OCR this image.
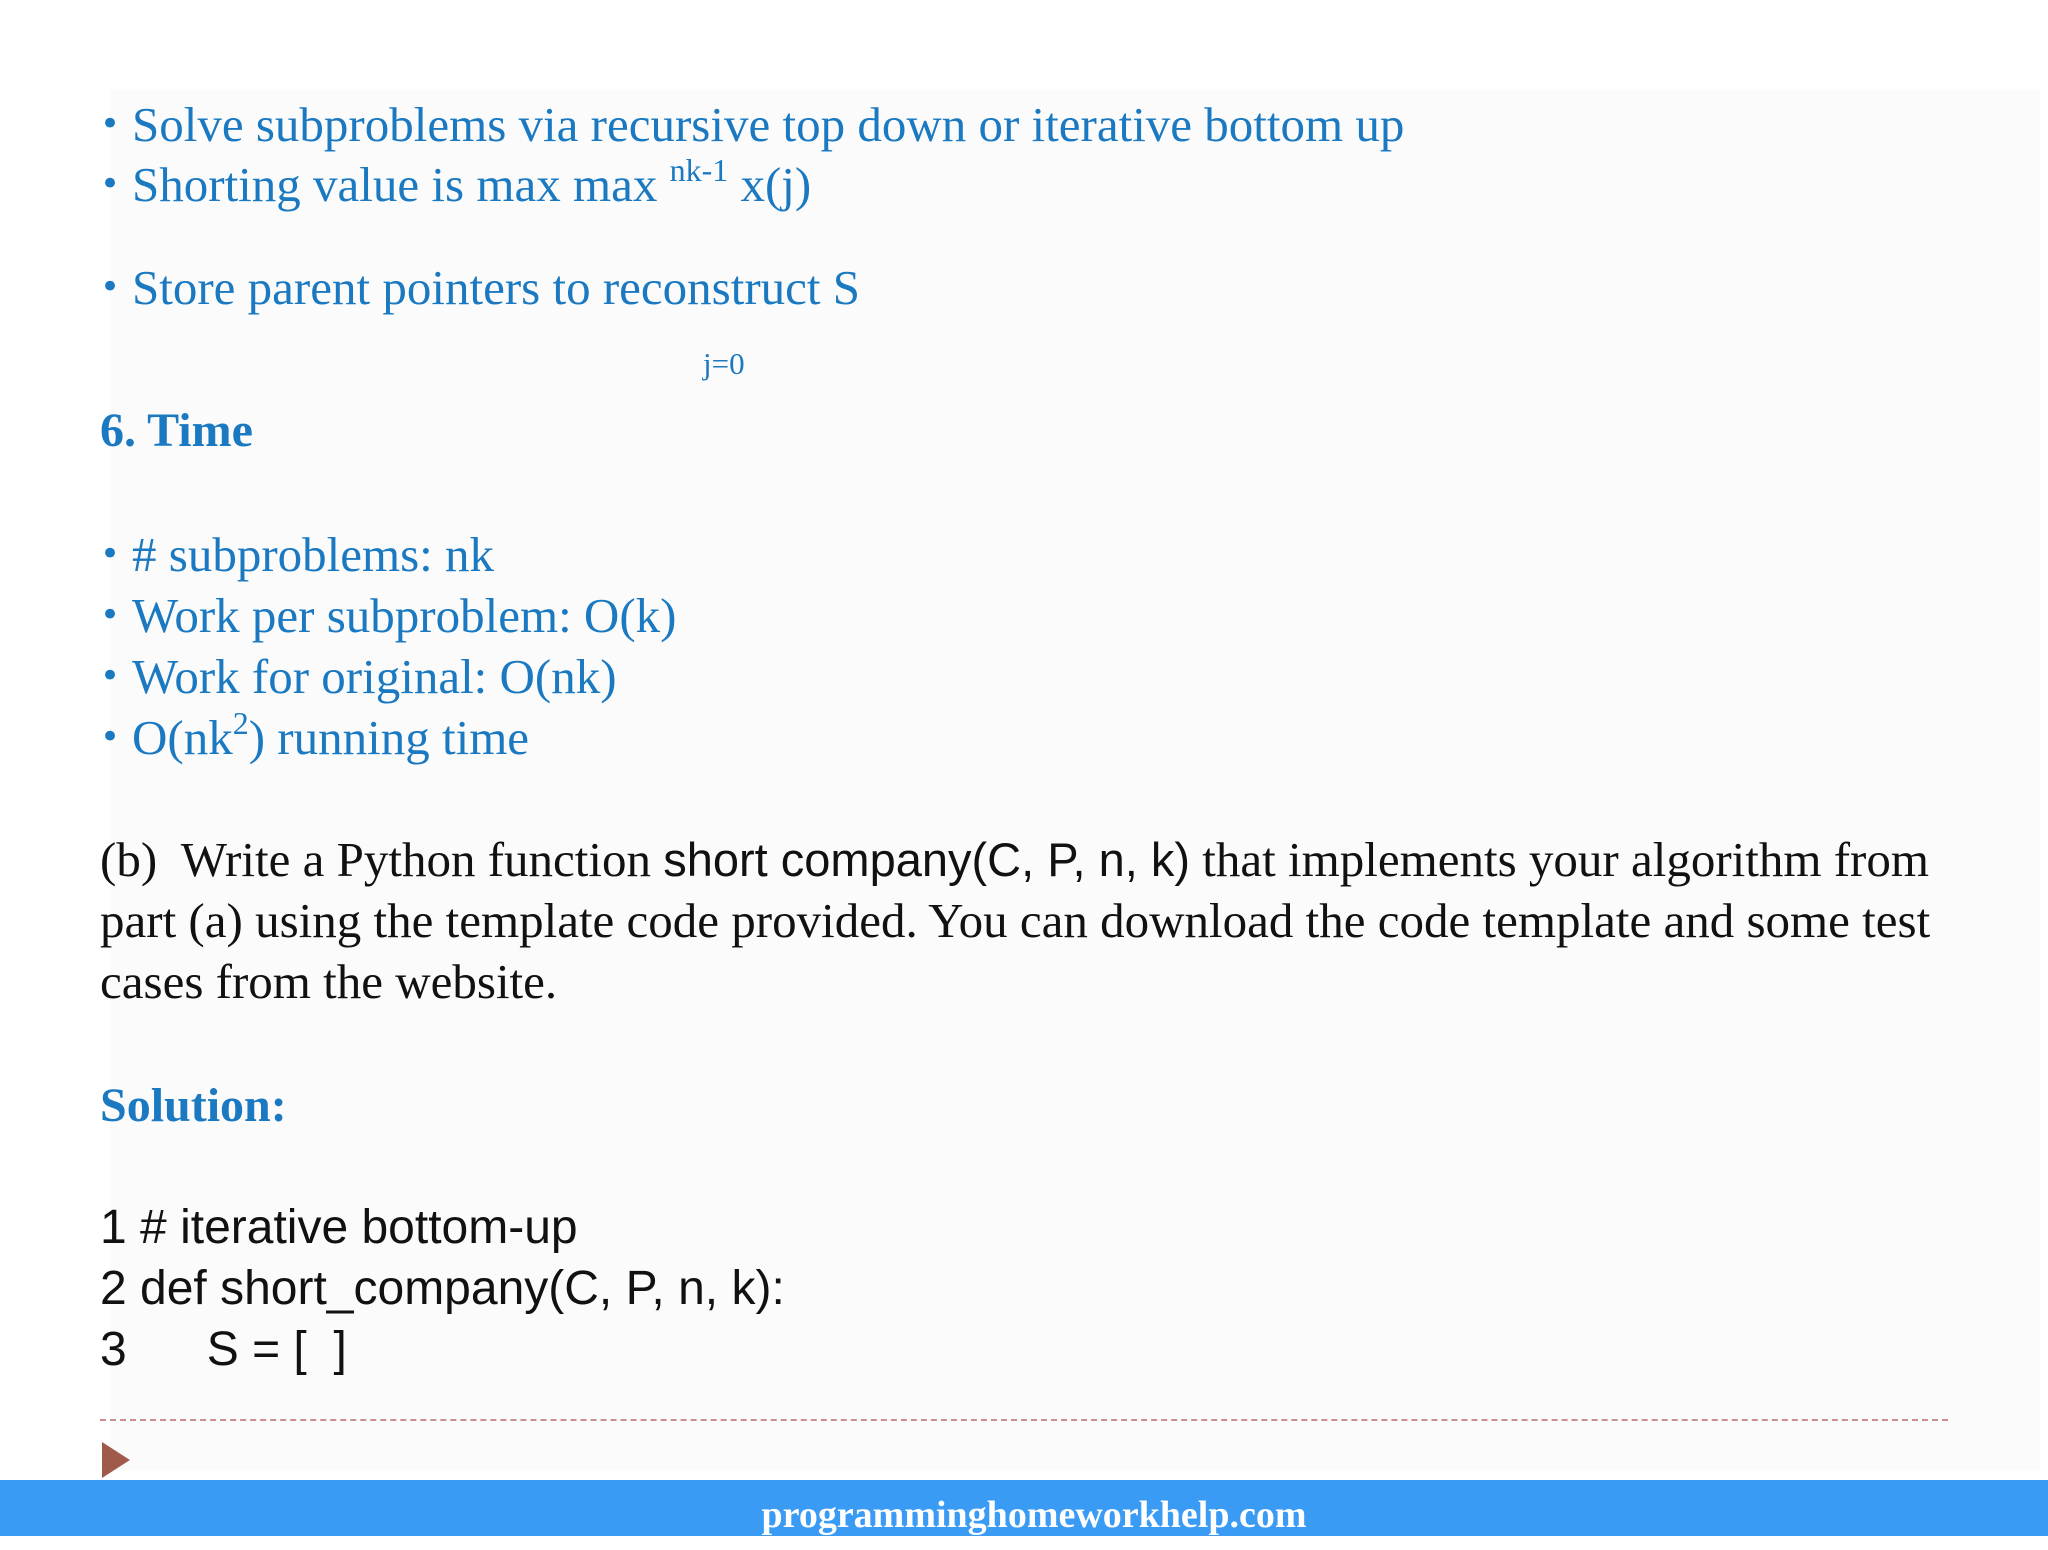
• Solve subproblems via recursive top down or iterative bottom up
• Shorting value is max max $^{nk-1}$ x(j)
• Store parent pointers to reconstruct S
j=0
6. Time
• # subproblems: nk
• Work per subproblem: O(k)
• Work for original: O(nk)
• $O(nk^2)$ running time
(b)  Write a Python function short company(C, P, n, k) that implements your algorithm from part (a) using the template code provided. You can download the code template and some test cases from the website.
Solution:
1 # iterative bottom-up
2 def short_company(C, P, n, k):
3      S = [  ]
programminghomeworkhelp.com
